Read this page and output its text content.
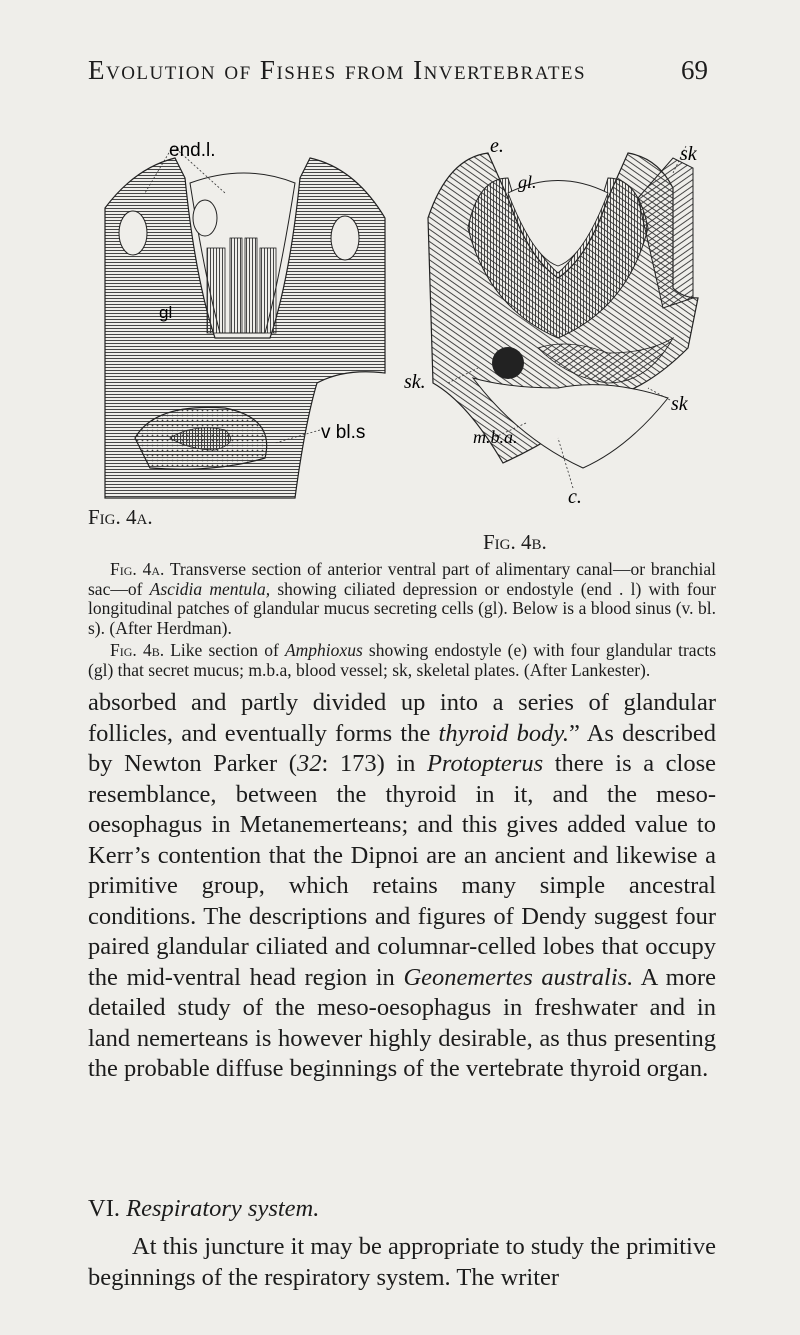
Evolution of Fishes from Invertebrates	69
end.l.
gl
v bl.s
e.
gl.
sk
sk.
sk
m.b.a.
c.
Fig. 4a.
Fig. 4b.

Fig. 4a. Transverse section of anterior ventral part of alimentary canal—or branchial sac—of Ascidia mentula, showing ciliated depression or endostyle (end . l) with four longitudinal patches of glandular mucus secreting cells (gl). Below is a blood sinus (v. bl. s). (After Herdman).

Fig. 4b. Like section of Amphioxus showing endostyle (e) with four glandular tracts (gl) that secret mucus; m.b.a, blood vessel; sk, skeletal plates. (After Lankester).

absorbed and partly divided up into a series of glandular follicles, and eventually forms the thyroid body.” As described by Newton Parker (32: 173) in Protopterus there is a close resemblance, between the thyroid in it, and the meso-oesophagus in Metanemerteans; and this gives added value to Kerr’s contention that the Dipnoi are an ancient and likewise a primitive group, which retains many simple ancestral conditions. The descriptions and figures of Dendy suggest four paired glandular ciliated and columnar-celled lobes that occupy the mid-ventral head region in Geonemertes australis. A more detailed study of the meso-oesophagus in freshwater and in land nemerteans is however highly desirable, as thus presenting the probable diffuse beginnings of the vertebrate thyroid organ.

VI. Respiratory system.
At this juncture it may be appropriate to study the primitive beginnings of the respiratory system. The writer
